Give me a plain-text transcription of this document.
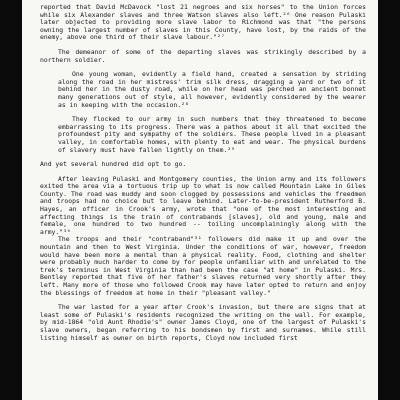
reported that David McDavock "lost 21 negroes and six horses" to the Union forces while six Alexander slaves and three Watson slaves also left.²⁶ One reason Pulaski later objected to providing more slave labor to Richmond was that "the persons owning the largest number of slaves in this County, have lost, by the raids of the enemy, above one third of their slave labour."²⁷

The demeanor of some of the departing slaves was strikingly described by a northern soldier.

One young woman, evidently a field hand, created a sensation by striding along the road in her mistress' trim silk dress, dragging a yard or two of it behind her in the dusty road, while on her head was perched an ancient bonnet many generations out of style, all however, evidently considered by the wearer as in keeping with the occasion.²⁸

They flocked to our army in such numbers that they threatened to become embarrassing to its progress. There was a pathos about it all that excited the profoundest pity and sympathy of the soldiers. These people lived in a pleasant valley, in comfortable homes, with plenty to eat and wear. The physical burdens of slavery must have fallen lightly on them.²⁹

And yet several hundred did opt to go.

After leaving Pulaski and Montgomery counties, the Union army and its followers exited the area via a tortuous trip up to what is now called Mountain Lake in Giles County. The road was muddy and soon clogged by possessions and vehicles the freedmen and troops had no choice but to leave behind. Later-to-be-president Rutherford B. Hayes, an officer in Crook's army, wrote that "one of the most interesting and affecting things is the train of contrabands [slaves], old and young, male and female, one hundred to two hundred -- toiling uncomplainingly along with the army."³⁰

The troops and their "contraband"³¹ followers did make it up and over the mountain and then to West Virginia. Under the conditions of war, however, freedom would have been more a mental than a physical reality. Food, clothing and shelter were probably much harder to come by for people unfamiliar with and unrelated to the trek's terminus in West Virginia than had been the case "at home" in Pulaski. Mrs. Bentley reported that five of her father's slaves returned very shortly after they left. Many more of those who followed Crook may have later opted to return and enjoy the blessings of freedom at home in their "pleasant valley."

The war lasted for a year after Crook's invasion, but there are signs that at least some of Pulaski's residents recognized the writing on the wall. For example, by mid-1864 "old Aunt Rhodie's" owner James Cloyd, one of the largest of Pulaski's slave owners, began referring to his bondsmen by first and surnames. While still listing himself as owner on birth reports, Cloyd now included first
